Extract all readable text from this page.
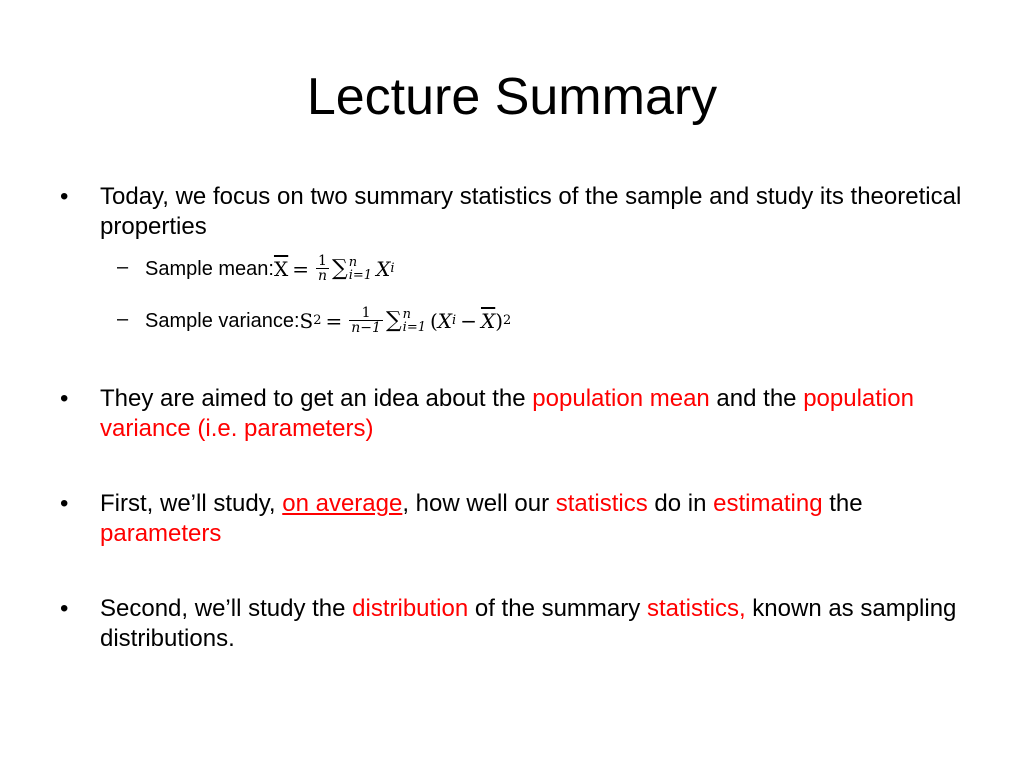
Lecture Summary
•	Today, we focus on two summary statistics of the sample and study its theoretical properties
– Sample mean: $\overline{X} = \frac{1}{n}$ ∑ n
i=1 X i
– Sample variance: S $2 = \frac{1}{n-1}$ ∑ n
i=1 ( X $i - \overline{X}$ ) 2
•	They are aimed to get an idea about the population mean and the population variance (i.e. parameters)
•	First, we’ll study, on average, how well our statistics do in estimating the parameters
•	Second, we’ll study the distribution of the summary statistics, known as sampling distributions.
